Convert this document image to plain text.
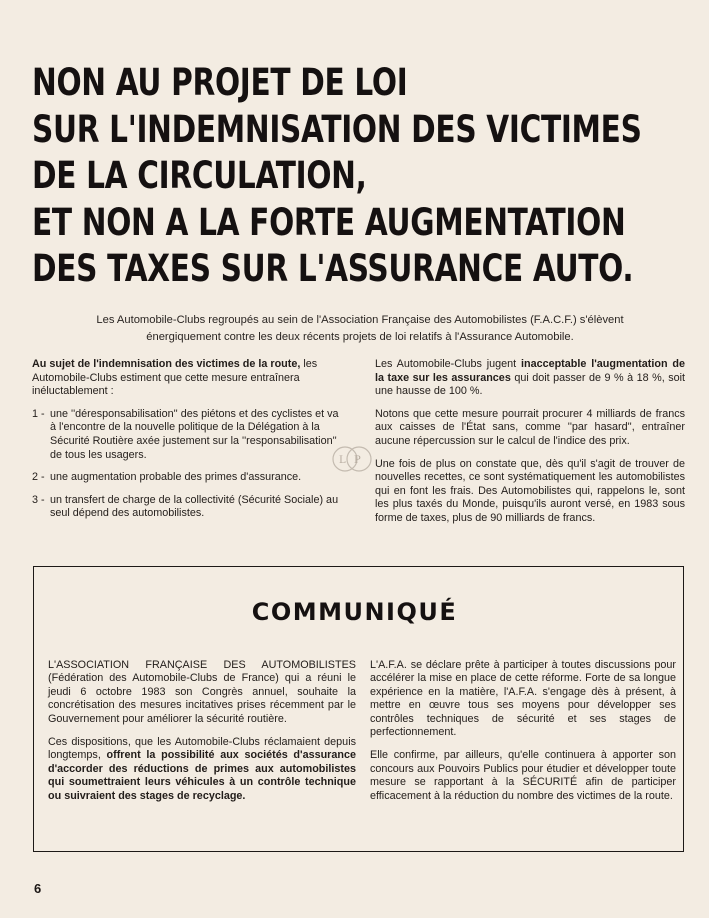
NON AU PROJET DE LOI
SUR L'INDEMNISATION DES VICTIMES
DE LA CIRCULATION,
ET NON A LA FORTE AUGMENTATION
DES TAXES SUR L'ASSURANCE AUTO.
Les Automobile-Clubs regroupés au sein de l'Association Française des Automobilistes (F.A.C.F.) s'élèvent
énergiquement contre les deux récents projets de loi relatifs à l'Assurance Automobile.

Au sujet de l'indemnisation des victimes de la route, les Automobile-Clubs estiment que cette mesure entraînera inéluctablement :

1 - une ''déresponsabilisation'' des piétons et des cyclistes et va à l'encontre de la nouvelle politique de la Délégation à la Sécurité Routière axée justement sur la ''responsabilisation'' de tous les usagers.
2 - une augmentation probable des primes d'assurance.
3 - un transfert de charge de la collectivité (Sécurité Sociale) au seul dépend des automobilistes.
L P

Les Automobile-Clubs jugent inacceptable l'augmentation de la taxe sur les assurances qui doit passer de 9 % à 18 %, soit une hausse de 100 %.

Notons que cette mesure pourrait procurer 4 milliards de francs aux caisses de l'État sans, comme ''par hasard'', entraîner aucune répercussion sur le calcul de l'indice des prix.

Une fois de plus on constate que, dès qu'il s'agit de trouver de nouvelles recettes, ce sont systématiquement les automobilistes qui en font les frais. Des Automobilistes qui, rappelons le, sont les plus taxés du Monde, puisqu'ils auront versé, en 1983 sous forme de taxes, plus de 90 milliards de francs.

COMMUNIQUÉ

L'ASSOCIATION FRANÇAISE DES AUTOMOBILISTES (Fédération des Automobile-Clubs de France) qui a réuni le jeudi 6 octobre 1983 son Congrès annuel, souhaite la concrétisation des mesures incitatives prises récemment par le Gouvernement pour améliorer la sécurité routière.

Ces dispositions, que les Automobile-Clubs réclamaient depuis longtemps, offrent la possibilité aux sociétés d'assurance d'accorder des réductions de primes aux automobilistes qui soumettraient leurs véhicules à un contrôle technique ou suivraient des stages de recyclage.

L'A.F.A. se déclare prête à participer à toutes discussions pour accélérer la mise en place de cette réforme. Forte de sa longue expérience en la matière, l'A.F.A. s'engage dès à présent, à mettre en œuvre tous ses moyens pour développer ses contrôles techniques de sécurité et ses stages de perfectionnement.

Elle confirme, par ailleurs, qu'elle continuera à apporter son concours aux Pouvoirs Publics pour étudier et développer toute mesure se rapportant à la SÉCURITÉ afin de participer efficacement à la réduction du nombre des victimes de la route.

6
